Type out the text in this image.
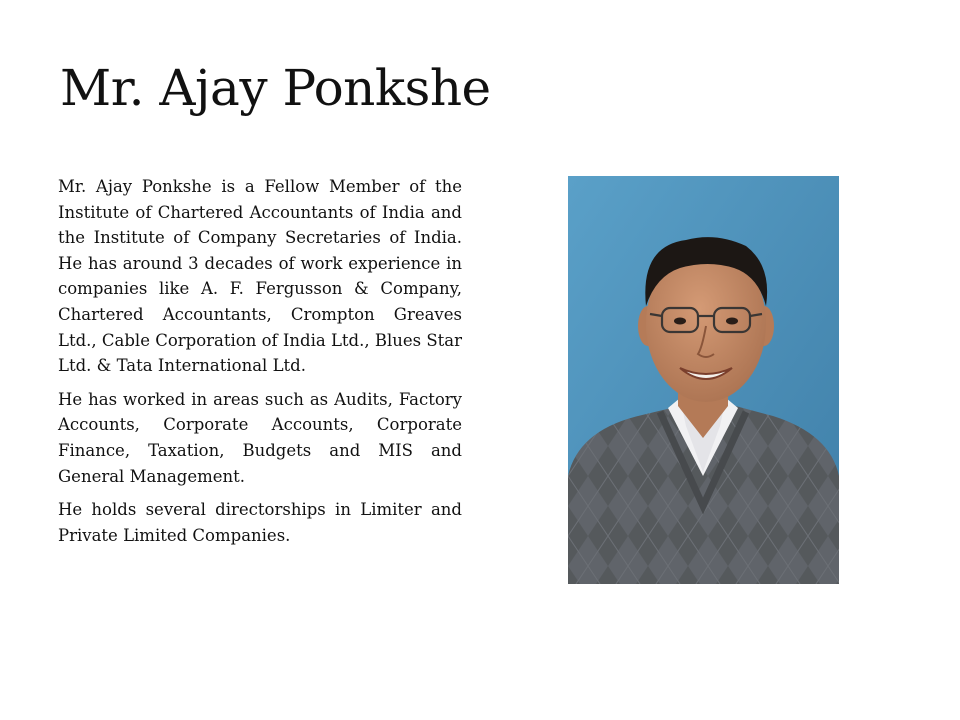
Mr. Ajay Ponkshe

Mr. Ajay Ponkshe is a Fellow Member of the Institute of Chartered Accountants of India and the Institute of Company Secretaries of India. He has around 3 decades of work experience in companies like A. F. Fergusson & Company, Chartered Accountants, Crompton Greaves Ltd., Cable Corporation of India Ltd., Blues Star Ltd. & Tata International Ltd.

He has worked in areas such as Audits, Factory Accounts, Corporate Accounts, Corporate Finance, Taxation, Budgets and MIS and General Management.

He holds several directorships in Limiter and Private Limited Companies.
